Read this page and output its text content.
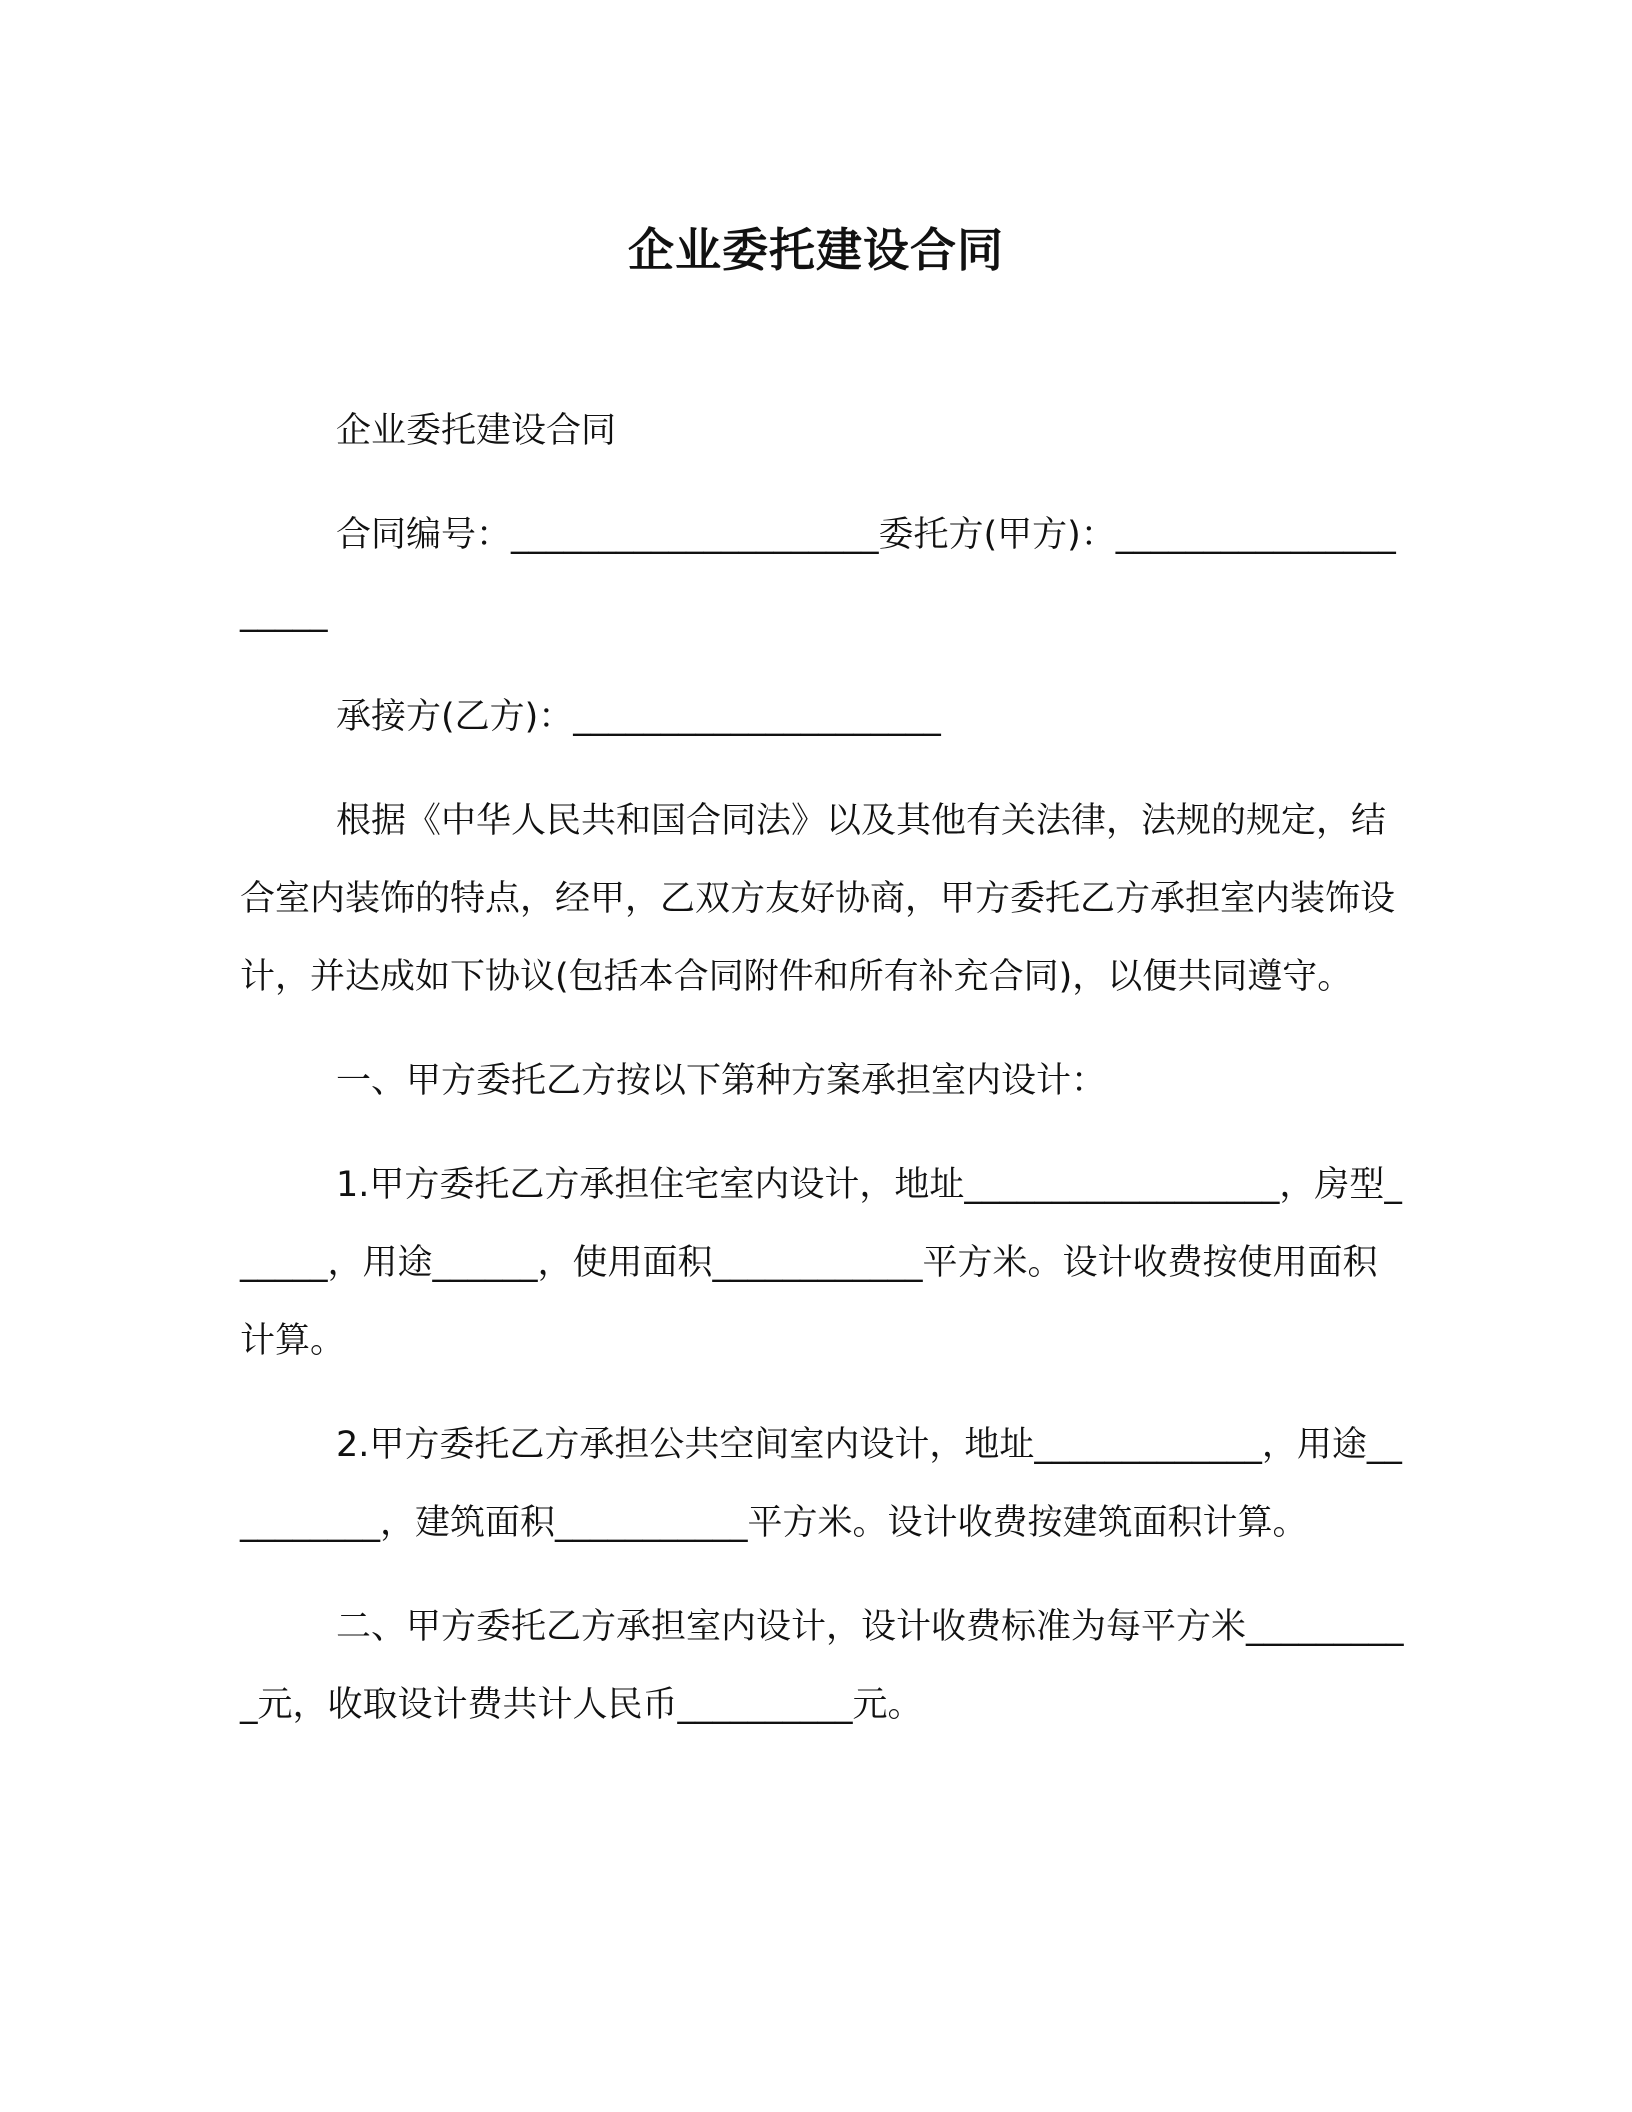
企业委托建设合同

企业委托建设合同

合同编号：_____________________委托方(甲方)：_____________________

承接方(乙方)：_____________________

根据《中华人民共和国合同法》以及其他有关法律，法规的规定，结合室内装饰的特点，经甲，乙双方友好协商，甲方委托乙方承担室内装饰设计，并达成如下协议(包括本合同附件和所有补充合同)，以便共同遵守。

一、甲方委托乙方按以下第种方案承担室内设计：

1.甲方委托乙方承担住宅室内设计，地址__________________，房型______，用途______，使用面积____________平方米。设计收费按使用面积计算。

2.甲方委托乙方承担公共空间室内设计，地址_____________，用途__________，建筑面积___________平方米。设计收费按建筑面积计算。

二、甲方委托乙方承担室内设计，设计收费标准为每平方米__________元，收取设计费共计人民币__________元。
